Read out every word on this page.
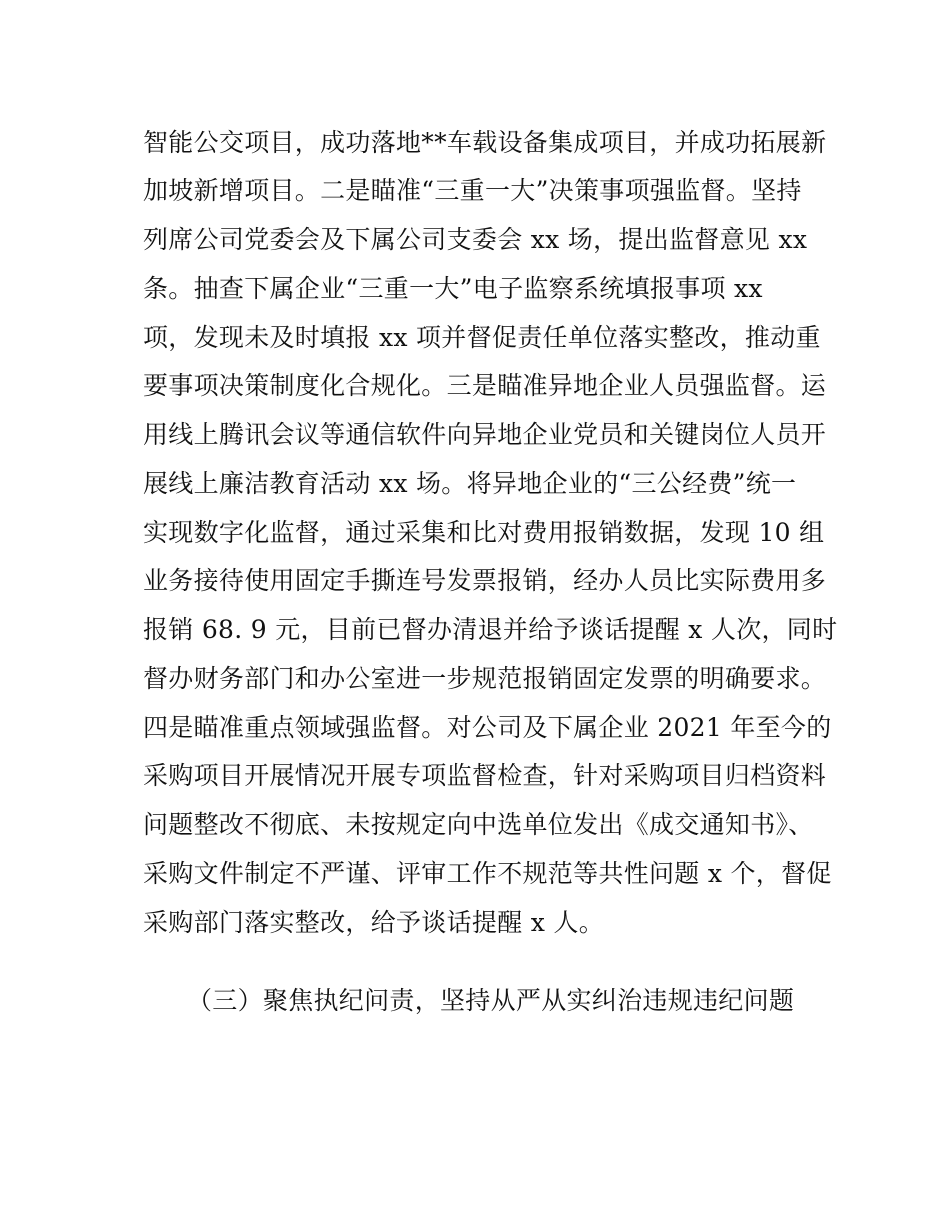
智能公交项目，成功落地**车载设备集成项目，并成功拓展新
加坡新增项目。二是瞄准“三重一大”决策事项强监督。坚持
列席公司党委会及下属公司支委会 xx 场，提出监督意见 xx
条。抽查下属企业“三重一大”电子监察系统填报事项 xx
项，发现未及时填报 xx 项并督促责任单位落实整改，推动重
要事项决策制度化合规化。三是瞄准异地企业人员强监督。运
用线上腾讯会议等通信软件向异地企业党员和关键岗位人员开
展线上廉洁教育活动 xx 场。将异地企业的“三公经费”统一
实现数字化监督，通过采集和比对费用报销数据，发现 10 组
业务接待使用固定手撕连号发票报销，经办人员比实际费用多
报销 68. 9 元，目前已督办清退并给予谈话提醒 x 人次，同时
督办财务部门和办公室进一步规范报销固定发票的明确要求。
四是瞄准重点领域强监督。对公司及下属企业 2021 年至今的
采购项目开展情况开展专项监督检查，针对采购项目归档资料
问题整改不彻底、未按规定向中选单位发出《成交通知书》、
采购文件制定不严谨、评审工作不规范等共性问题 x 个，督促
采购部门落实整改，给予谈话提醒 x 人。
（三）聚焦执纪问责，坚持从严从实纠治违规违纪问题
